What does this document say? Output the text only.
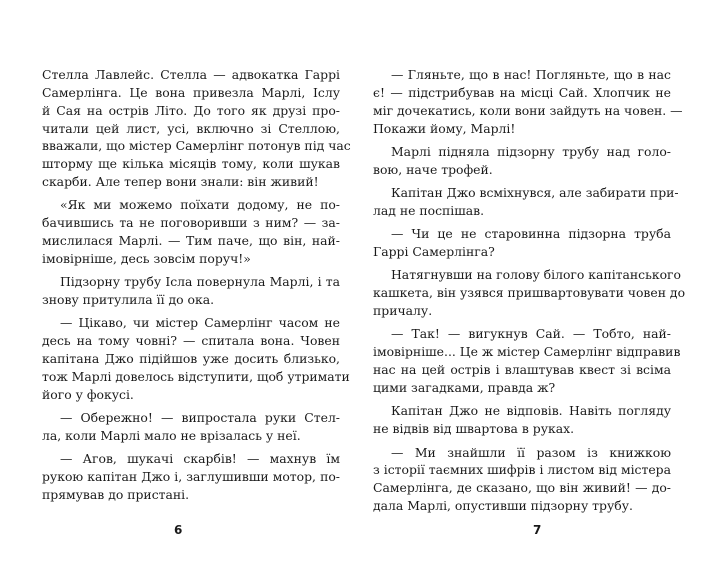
Стелла Лавлейс. Стелла — адвокатка Гаррі
Самерлінга. Це вона привезла Марлі, Іслу
й Сая на острів Літо. До того як друзі про-
читали цей лист, усі, включно зі Стеллою,
вважали, що містер Самерлінг потонув під час
шторму ще кілька місяців тому, коли шукав
скарби. Але тепер вони знали: він живий!
«Як ми можемо поїхати додому, не по-
бачившись та не поговоривши з ним? — за-
мислилася Марлі. — Тим паче, що він, най-
імовірніше, десь зовсім поруч!»
Підзорну трубу Ісла повернула Марлі, і та
знову притулила її до ока.
— Цікаво, чи містер Самерлінг часом не
десь на тому човні? — спитала вона. Човен
капітана Джо підійшов уже досить близько,
тож Марлі довелось відступити, щоб утримати
його у фокусі.
— Обережно! — випростала руки Стел-
ла, коли Марлі мало не врізалась у неї.
— Агов, шукачі скарбів! — махнув їм
рукою капітан Джо і, заглушивши мотор, по-
прямував до пристані.
— Гляньте, що в нас! Погляньте, що в нас
є! — підстрибував на місці Сай. Хлопчик не
міг дочекатись, коли вони зайдуть на човен. —
Покажи йому, Марлі!
Марлі підняла підзорну трубу над голо-
вою, наче трофей.
Капітан Джо всміхнувся, але забирати при-
лад не поспішав.
— Чи це не старовинна підзорна труба
Гаррі Самерлінга?
Натягнувши на голову білого капітанського
кашкета, він узявся пришвартовувати човен до
причалу.
— Так! — вигукнув Сай. — Тобто, най-
імовірніше... Це ж містер Самерлінг відправив
нас на цей острів і влаштував квест зі всіма
цими загадками, правда ж?
Капітан Джо не відповів. Навіть погляду
не відвів від швартова в руках.
— Ми знайшли її разом із книжкою
з історії таємних шифрів і листом від містера
Самерлінга, де сказано, що він живий! — до-
дала Марлі, опустивши підзорну трубу.
6	7
